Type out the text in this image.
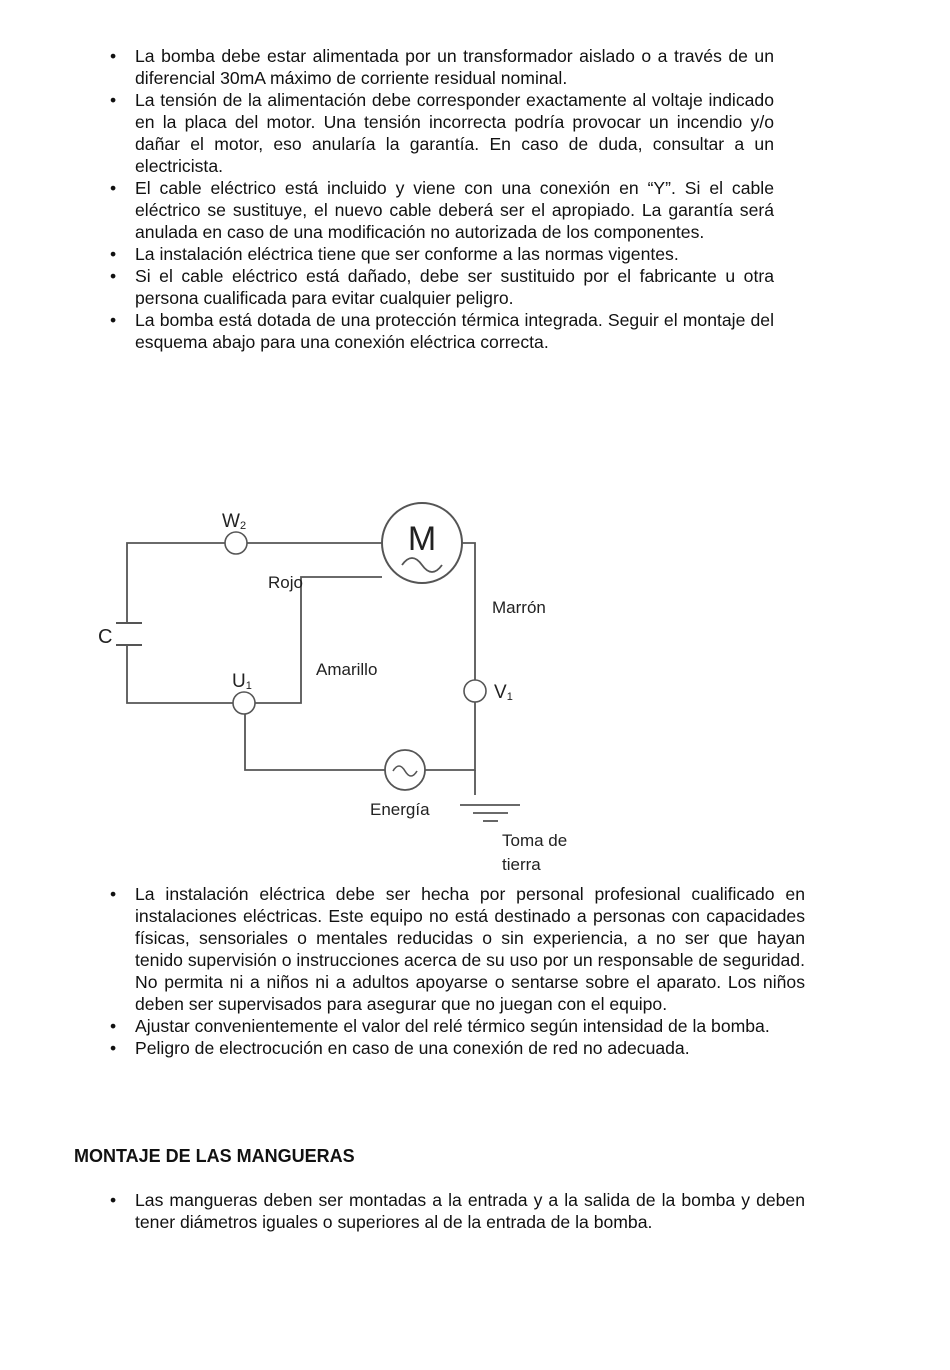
• La bomba debe estar alimentada por un transformador aislado o a través de un diferencial 30mA máximo de corriente residual nominal.

• La tensión de la alimentación debe corresponder exactamente al voltaje indicado en la placa del motor. Una tensión incorrecta podría provocar un incendio y/o dañar el motor, eso anularía la garantía. En caso de duda, consultar a un electricista.

• El cable eléctrico está incluido y viene con una conexión en “Y”. Si el cable eléctrico se sustituye, el nuevo cable deberá ser el apropiado. La garantía será anulada en caso de una modificación no autorizada de los componentes.

• La instalación eléctrica tiene que ser conforme a las normas vigentes.

• Si el cable eléctrico está dañado, debe ser sustituido por el fabricante u otra persona cualificada para evitar cualquier peligro.

• La bomba está dotada de una protección térmica integrada. Seguir el montaje del esquema abajo para una conexión eléctrica correcta.

M
C
W2
U1	V1
Rojo
Amarillo
Marrón
Energía
Toma de
tierra
• La instalación eléctrica debe ser hecha por personal profesional cualificado en instalaciones eléctricas. Este equipo no está destinado a personas con capacidades físicas, sensoriales o mentales reducidas o sin experiencia, a no ser que hayan tenido supervisión o instrucciones acerca de su uso por un responsable de seguridad.

No permita ni a niños ni a adultos apoyarse o sentarse sobre el aparato. Los niños deben ser supervisados para asegurar que no juegan con el equipo.

• Ajustar convenientemente el valor del relé térmico según intensidad de la bomba.

• Peligro de electrocución en caso de una conexión de red no adecuada.

MONTAJE DE LAS MANGUERAS
• Las mangueras deben ser montadas a la entrada y a la salida de la bomba y deben tener diámetros iguales o superiores al de la entrada de la bomba.
